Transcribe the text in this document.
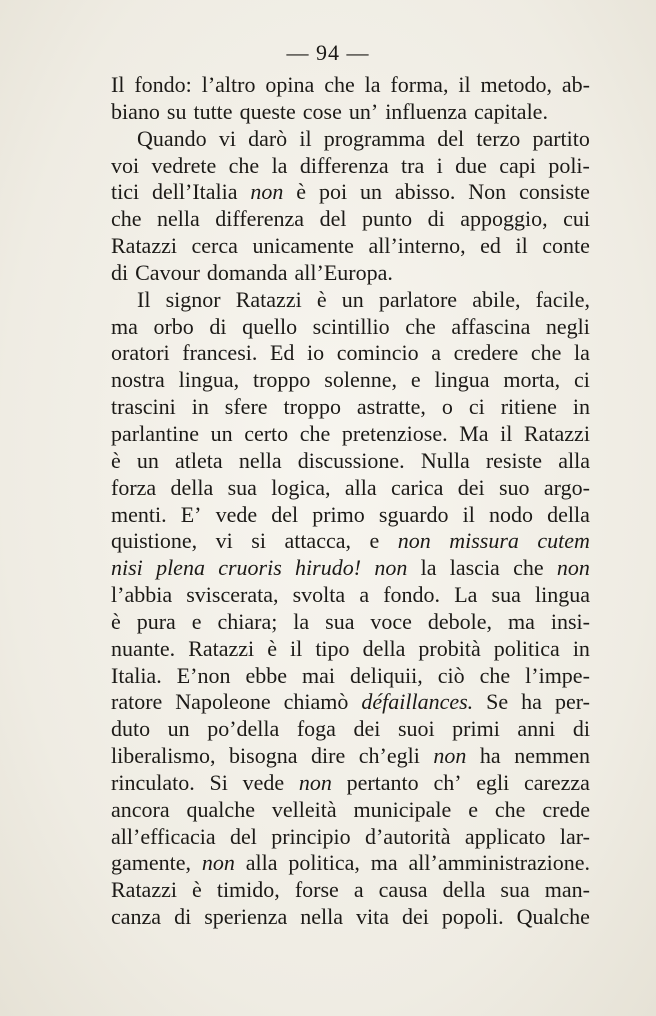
— 94 —
Il fondo: l’altro opina che la forma, il metodo, ab-
biano su tutte queste cose un’ influenza capitale.
Quando vi darò il programma del terzo partito
voi vedrete che la differenza tra i due capi poli-
tici dell’Italia non è poi un abisso. Non consiste
che nella differenza del punto di appoggio, cui
Ratazzi cerca unicamente all’interno, ed il conte
di Cavour domanda all’Europa.
Il signor Ratazzi è un parlatore abile, facile,
ma orbo di quello scintillio che affascina negli
oratori francesi. Ed io comincio a credere che la
nostra lingua, troppo solenne, e lingua morta, ci
trascini in sfere troppo astratte, o ci ritiene in
parlantine un certo che pretenziose. Ma il Ratazzi
è un atleta nella discussione. Nulla resiste alla
forza della sua logica, alla carica dei suo argo-
menti. E’ vede del primo sguardo il nodo della
quistione, vi si attacca, e non missura cutem
nisi plena cruoris hirudo! non la lascia che non
l’abbia sviscerata, svolta a fondo. La sua lingua
è pura e chiara; la sua voce debole, ma insi-
nuante. Ratazzi è il tipo della probità politica in
Italia. E’non ebbe mai deliquii, ciò che l’impe-
ratore Napoleone chiamò défaillances. Se ha per-
duto un po’della foga dei suoi primi anni di
liberalismo, bisogna dire ch’egli non ha nemmen
rinculato. Si vede non pertanto ch’ egli carezza
ancora qualche velleità municipale e che crede
all’efficacia del principio d’autorità applicato lar-
gamente, non alla politica, ma all’amministrazione.
Ratazzi è timido, forse a causa della sua man-
canza di sperienza nella vita dei popoli. Qualche
